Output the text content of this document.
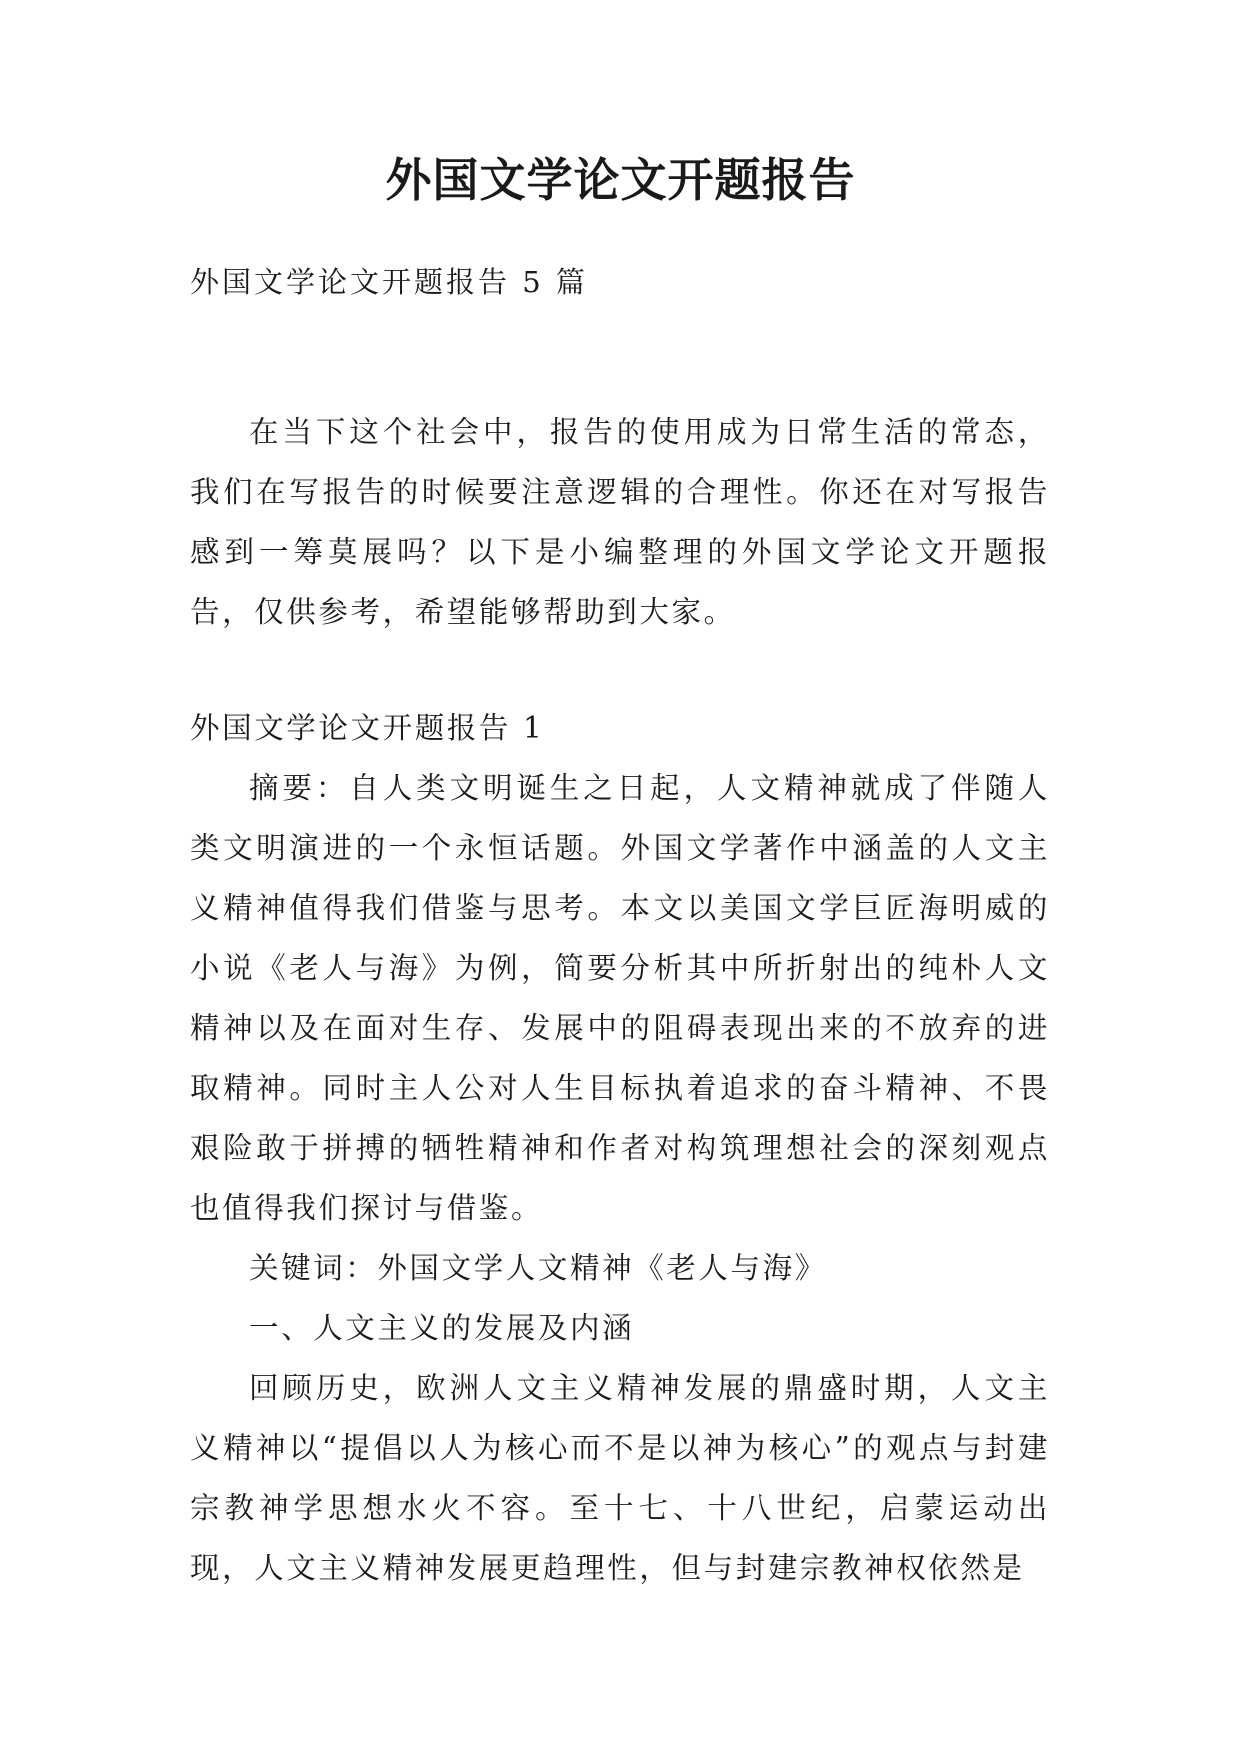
外国文学论文开题报告
外国文学论文开题报告 5 篇

在当下这个社会中，报告的使用成为日常生活的常态，我们在写报告的时候要注意逻辑的合理性。你还在对写报告感到一筹莫展吗？以下是小编整理的外国文学论文开题报告，仅供参考，希望能够帮助到大家。

外国文学论文开题报告 1

摘要：自人类文明诞生之日起，人文精神就成了伴随人类文明演进的一个永恒话题。外国文学著作中涵盖的人文主义精神值得我们借鉴与思考。本文以美国文学巨匠海明威的小说《老人与海》为例，简要分析其中所折射出的纯朴人文精神以及在面对生存、发展中的阻碍表现出来的不放弃的进取精神。同时主人公对人生目标执着追求的奋斗精神、不畏艰险敢于拼搏的牺牲精神和作者对构筑理想社会的深刻观点也值得我们探讨与借鉴。

关键词：外国文学人文精神《老人与海》

一、人文主义的发展及内涵

回顾历史，欧洲人文主义精神发展的鼎盛时期，人文主义精神以“提倡以人为核心而不是以神为核心”的观点与封建宗教神学思想水火不容。至十七、十八世纪，启蒙运动出现，人文主义精神发展更趋理性，但与封建宗教神权依然是
